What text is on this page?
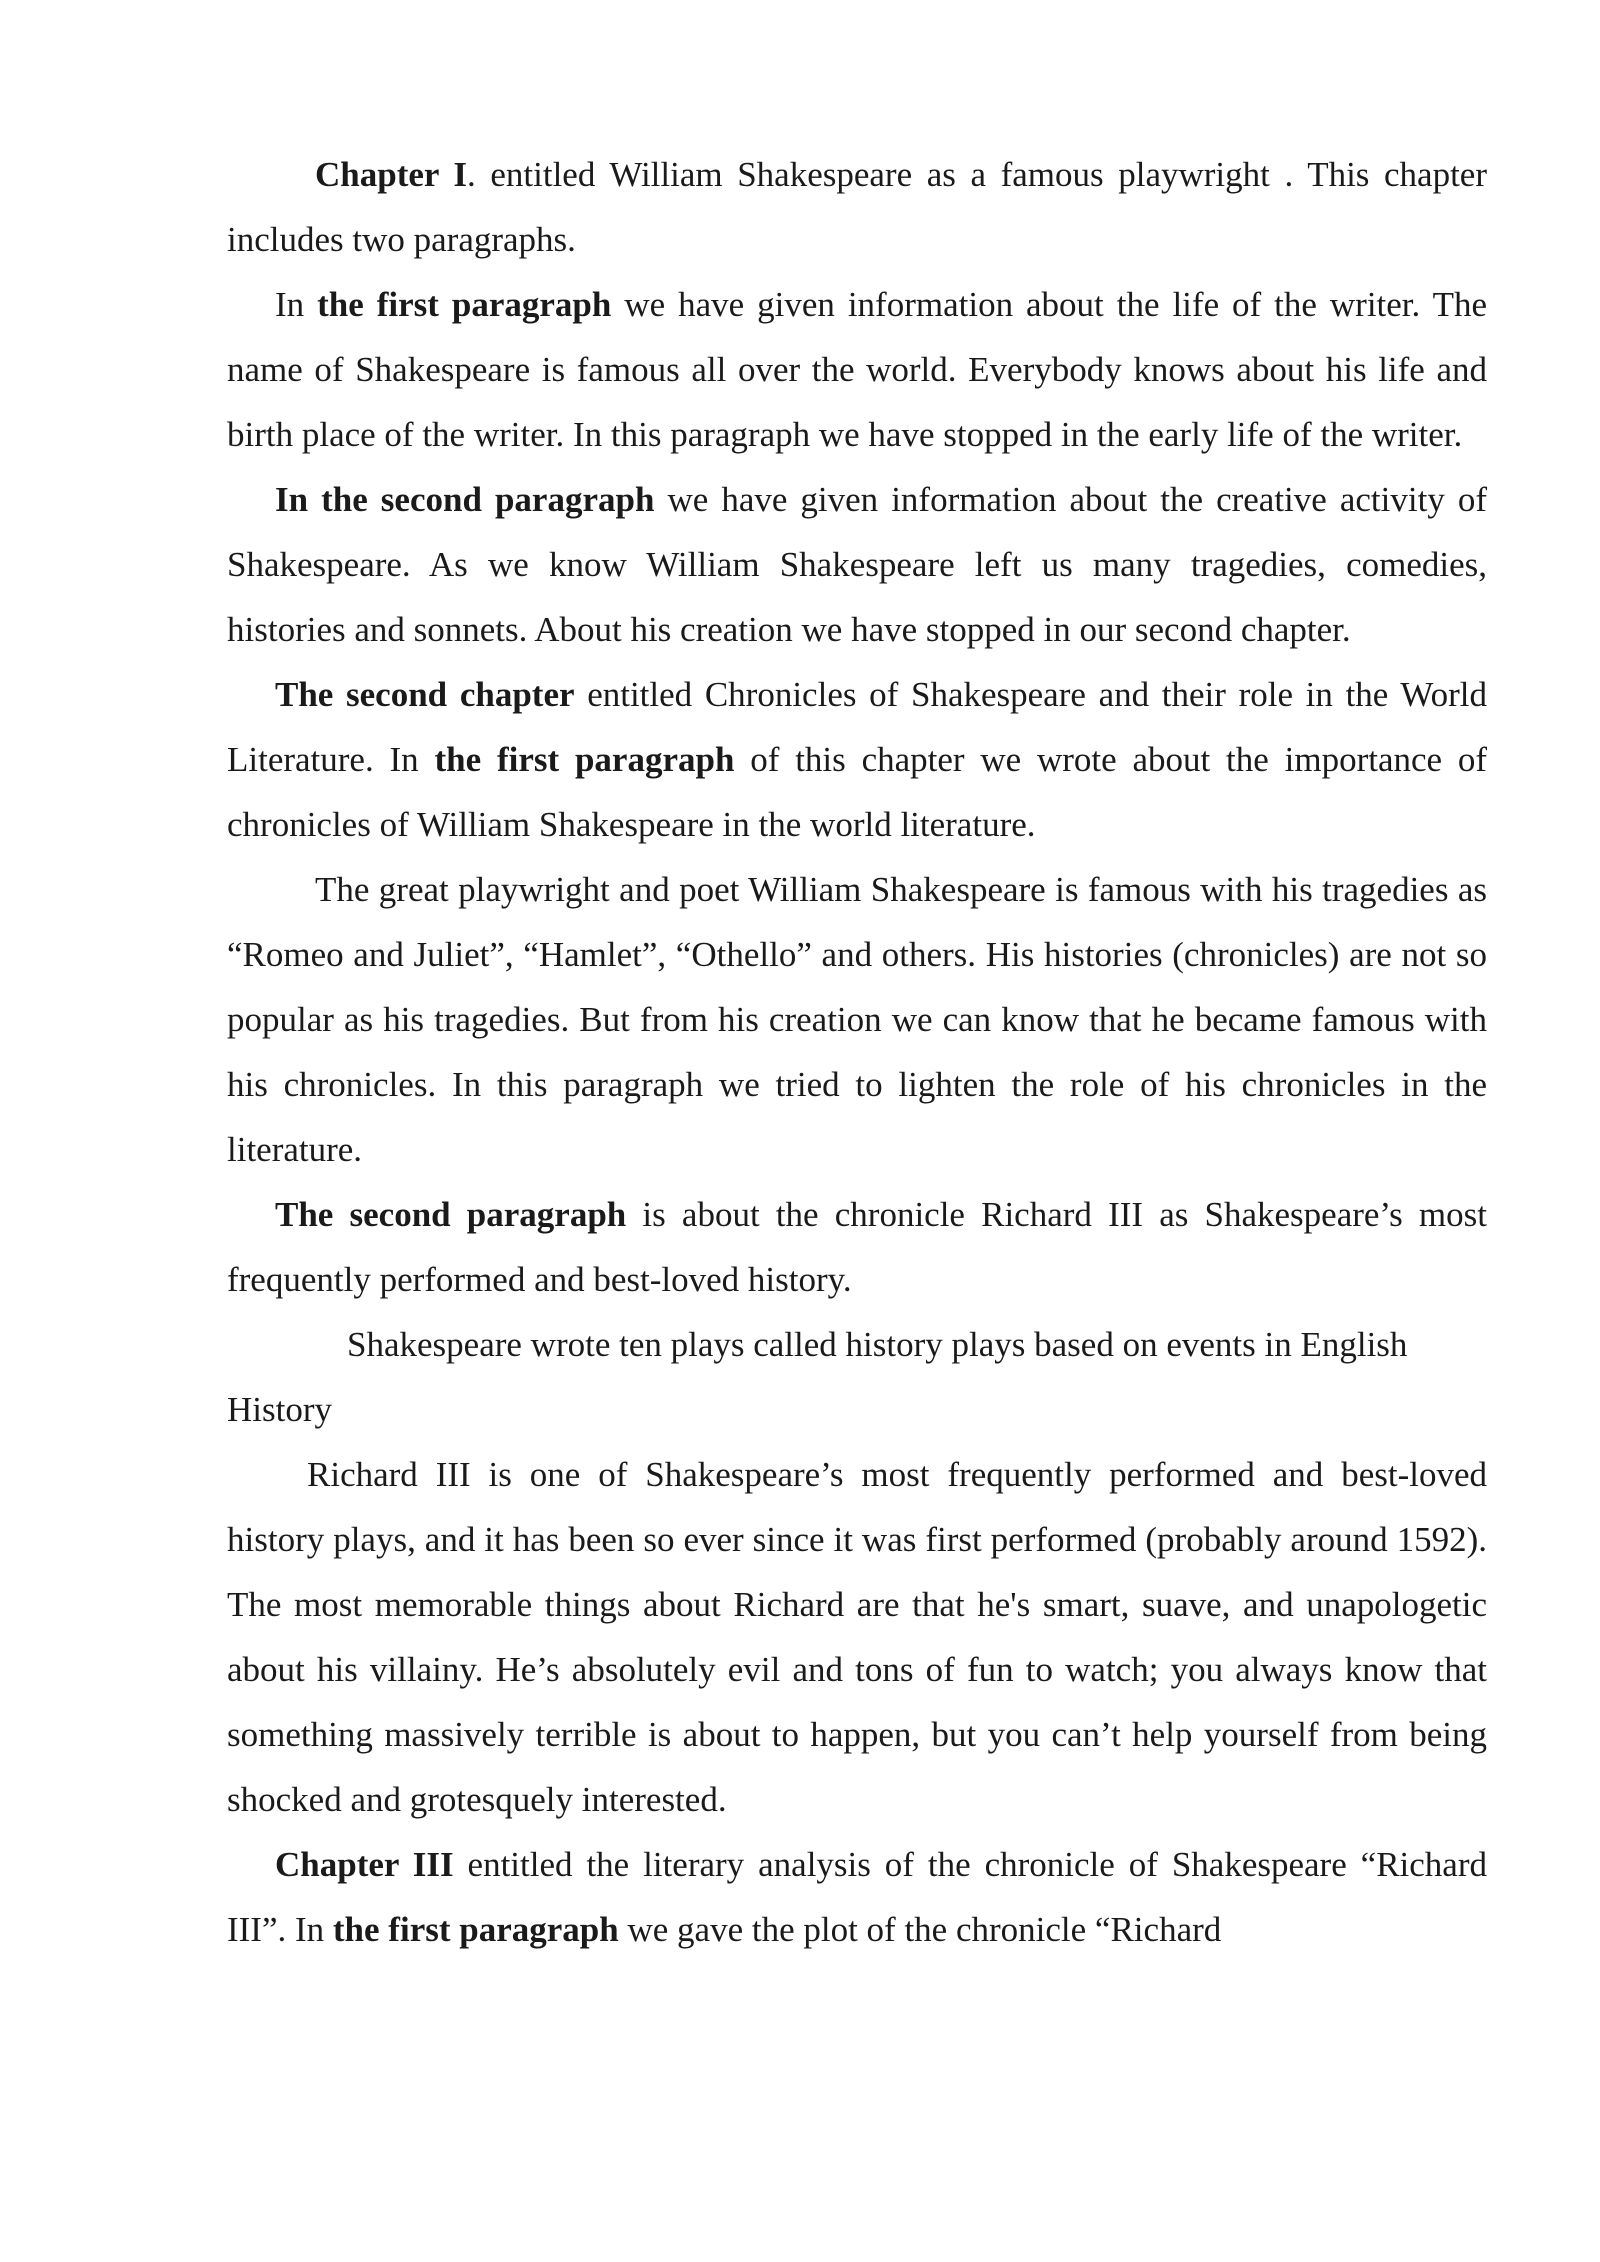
Chapter I. entitled William Shakespeare as a famous playwright . This chapter includes two paragraphs.

In the first paragraph we have given information about the life of the writer. The name of Shakespeare is famous all over the world. Everybody knows about his life and birth place of the writer. In this paragraph we have stopped in the early life of the writer.

In the second paragraph we have given information about the creative activity of Shakespeare. As we know William Shakespeare left us many tragedies, comedies, histories and sonnets. About his creation we have stopped in our second chapter.

The second chapter entitled Chronicles of Shakespeare and their role in the World Literature. In the first paragraph of this chapter we wrote about the importance of chronicles of William Shakespeare in the world literature.

The great playwright and poet William Shakespeare is famous with his tragedies as “Romeo and Juliet”, “Hamlet”, “Othello” and others. His histories (chronicles) are not so popular as his tragedies. But from his creation we can know that he became famous with his chronicles. In this paragraph we tried to lighten the role of his chronicles in the literature.

The second paragraph is about the chronicle Richard III as Shakespeare’s most frequently performed and best-loved history.

Shakespeare wrote ten plays called history plays based on events in English History

Richard III is one of Shakespeare’s most frequently performed and best-loved history plays, and it has been so ever since it was first performed (probably around 1592). The most memorable things about Richard are that he's smart, suave, and unapologetic about his villainy. He’s absolutely evil and tons of fun to watch; you always know that something massively terrible is about to happen, but you can’t help yourself from being shocked and grotesquely interested.

Chapter III entitled the literary analysis of the chronicle of Shakespeare “Richard III”. In the first paragraph we gave the plot of the chronicle “Richard
